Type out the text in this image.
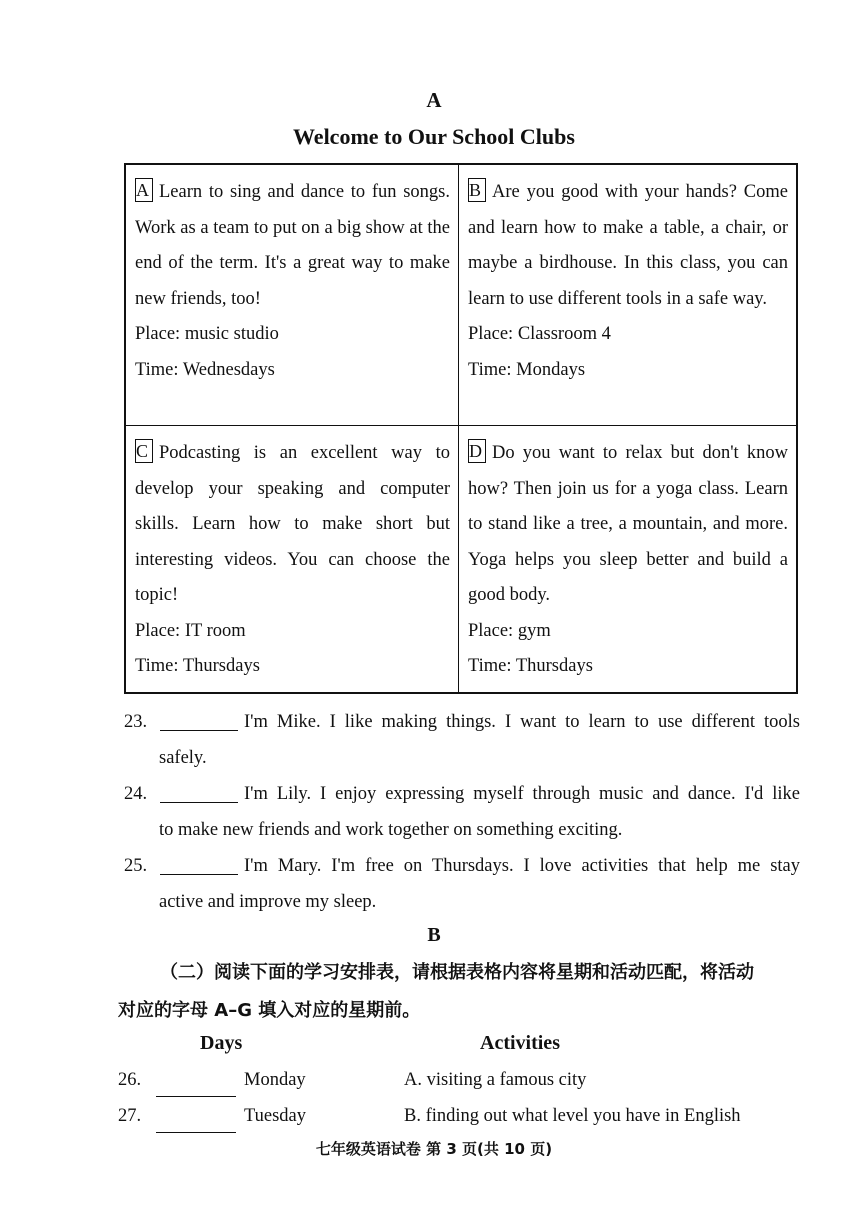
A
Welcome to Our School Clubs
A Learn to sing and dance to fun songs. Work as a team to put on a big show at the end of the term. It's a great way to make new friends, too!

Place: music studio

Time: Wednesdays

B Are you good with your hands? Come and learn how to make a table, a chair, or maybe a birdhouse. In this class, you can learn to use different tools in a safe way.

Place: Classroom 4

Time: Mondays

C Podcasting is an excellent way to develop your speaking and computer skills. Learn how to make short but interesting videos. You can choose the topic!

Place: IT room

Time: Thursdays

D Do you want to relax but don't know how? Then join us for a yoga class. Learn to stand like a tree, a mountain, and more. Yoga helps you sleep better and build a good body.

Place: gym

Time: Thursdays

23.	I'm Mike. I like making things. I want to learn to use different tools
safely.
24.	I'm Lily. I enjoy expressing myself through music and dance. I'd like
to make new friends and work together on something exciting.
25.	I'm Mary. I'm free on Thursdays. I love activities that help me stay
active and improve my sleep.
B
（二）阅读下面的学习安排表，请根据表格内容将星期和活动匹配，将活动
对应的字母 A–G 填入对应的星期前。
Days	Activities
26.	Monday	A. visiting a famous city
27.	Tuesday	B. finding out what level you have in English
七年级英语试卷 第 3 页(共 10 页)
